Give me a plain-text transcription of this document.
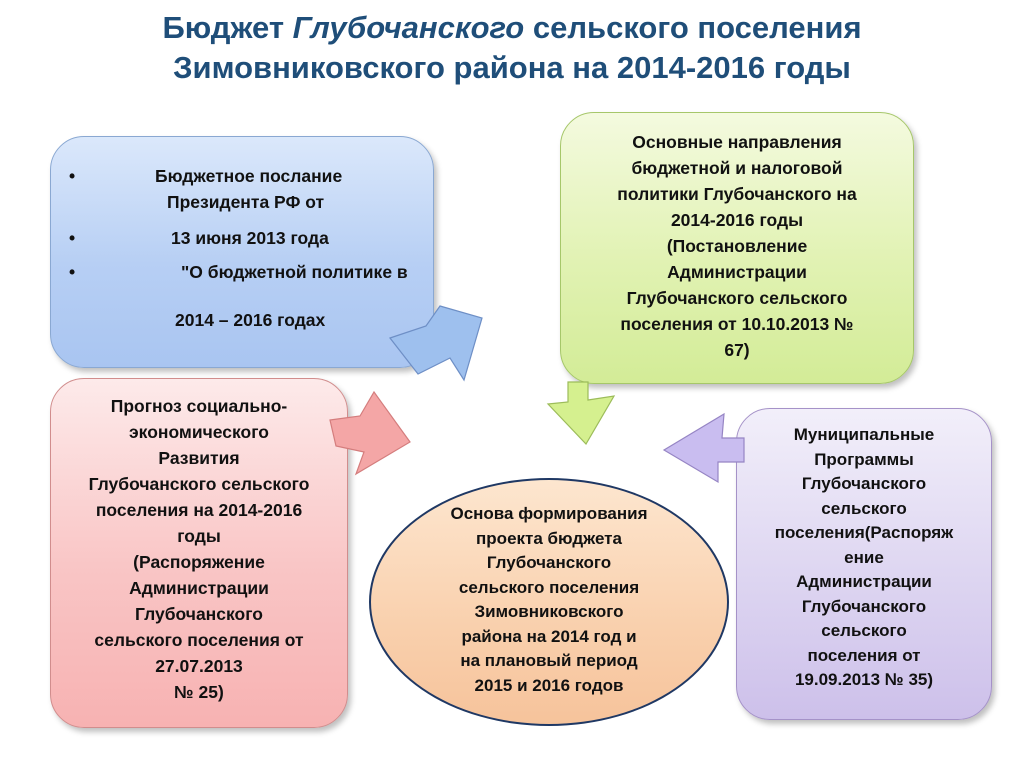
Бюджет Глубочанского сельского поселения
Зимовниковского района на 2014-2016 годы
• Бюджетное послание
Президента РФ от
• 13 июня 2013 года
• "О бюджетной политике в
2014 – 2016 годах

Основные направления

бюджетной и налоговой

политики Глубочанского на

2014-2016 годы

(Постановление

Администрации

Глубочанского сельского

поселения от 10.10.2013 №

67)

Прогноз социально-

экономического

Развития

Глубочанского сельского

поселения на 2014-2016

годы

(Распоряжение

Администрации

Глубочанского

сельского поселения от

27.07.2013

№ 25)

Муниципальные

Программы

Глубочанского

сельского

поселения(Распоряж

ение

Администрации

Глубочанского

сельского

поселения от

19.09.2013 № 35)

Основа формирования

проекта бюджета

Глубочанского

сельского поселения

Зимовниковского

района на 2014 год и

на плановый период

2015 и 2016 годов
